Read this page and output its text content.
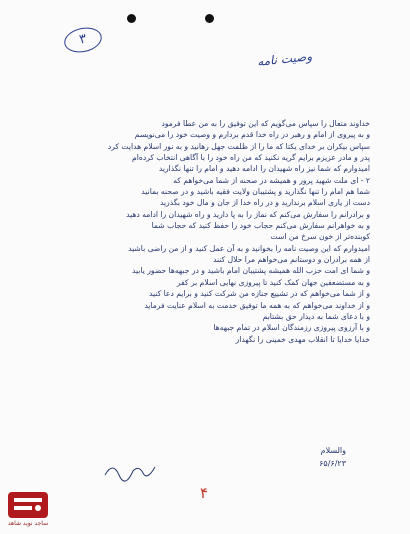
۳
وصیت نامه
خداوند متعال را سپاس می‌گویم که این توفیق را به من عطا فرمود
و به پیروی از امام و رهبر در راه خدا قدم بردارم و وصیت خود را می‌نویسم
سپاس بیکران بر خدای یکتا که ما را از ظلمت جهل رهانید و به نور اسلام هدایت کرد
پدر و مادر عزیزم برایم گریه نکنید که من راه خود را با آگاهی انتخاب کرده‌ام
امیدوارم که شما نیز راه شهیدان را ادامه دهید و امام را تنها نگذارید
۲ - ای ملت شهید پرور و همیشه در صحنه از شما می‌خواهم که
شما هم امام را تنها نگذارید و پشتیبان ولایت فقیه باشید و در صحنه بمانید
دست از یاری اسلام برندارید و در راه خدا از جان و مال خود بگذرید
و برادرانم را سفارش می‌کنم که نماز را به پا دارید و راه شهیدان را ادامه دهید
و به خواهرانم سفارش می‌کنم حجاب خود را حفظ کنید که حجاب شما
کوبنده‌تر از خون سرخ من است
امیدوارم که این وصیت نامه را بخوانید و به آن عمل کنید و از من راضی باشید
از همه برادران و دوستانم می‌خواهم مرا حلال کنند
و شما ای امت حزب الله همیشه پشتیبان امام باشید و در جبهه‌ها حضور یابید
و به مستضعفین جهان کمک کنید تا پیروزی نهایی اسلام بر کفر
و از شما می‌خواهم که در تشییع جنازه من شرکت کنید و برایم دعا کنید
و از خداوند می‌خواهم که به همه ما توفیق خدمت به اسلام عنایت فرماید
و با دعای شما به دیدار حق بشتابم
و با آرزوی پیروزی رزمندگان اسلام در تمام جبهه‌ها
خدایا خدایا تا انقلاب مهدی خمینی را نگهدار
والسلام
۶۵/۶/۲۳
۴
ساجد نوید شاهد
